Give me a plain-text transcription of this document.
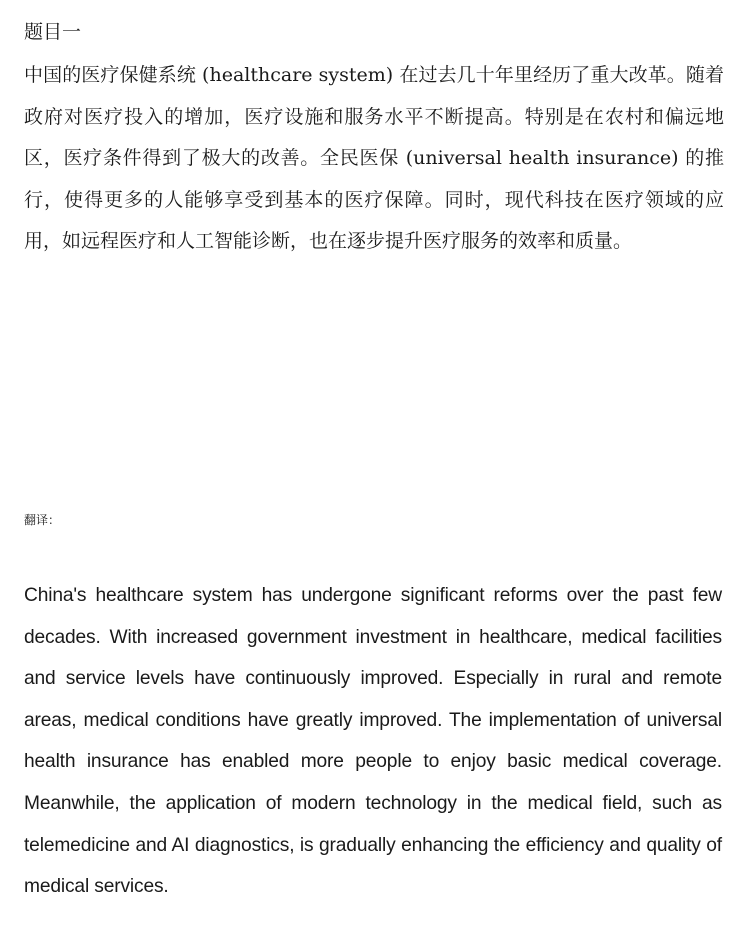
题目一
中国的医疗保健系统 (healthcare system) 在过去几十年里经历了重大改革。随着政府对医疗投入的增加，医疗设施和服务水平不断提高。特别是在农村和偏远地区，医疗条件得到了极大的改善。全民医保 (universal health insurance) 的推行，使得更多的人能够享受到基本的医疗保障。同时，现代科技在医疗领域的应用，如远程医疗和人工智能诊断，也在逐步提升医疗服务的效率和质量。
翻译：
China's healthcare system has undergone significant reforms over the past few decades. With increased government investment in healthcare, medical facilities and service levels have continuously improved. Especially in rural and remote areas, medical conditions have greatly improved. The implementation of universal health insurance has enabled more people to enjoy basic medical coverage. Meanwhile, the application of modern technology in the medical field, such as telemedicine and AI diagnostics, is gradually enhancing the efficiency and quality of medical services.
